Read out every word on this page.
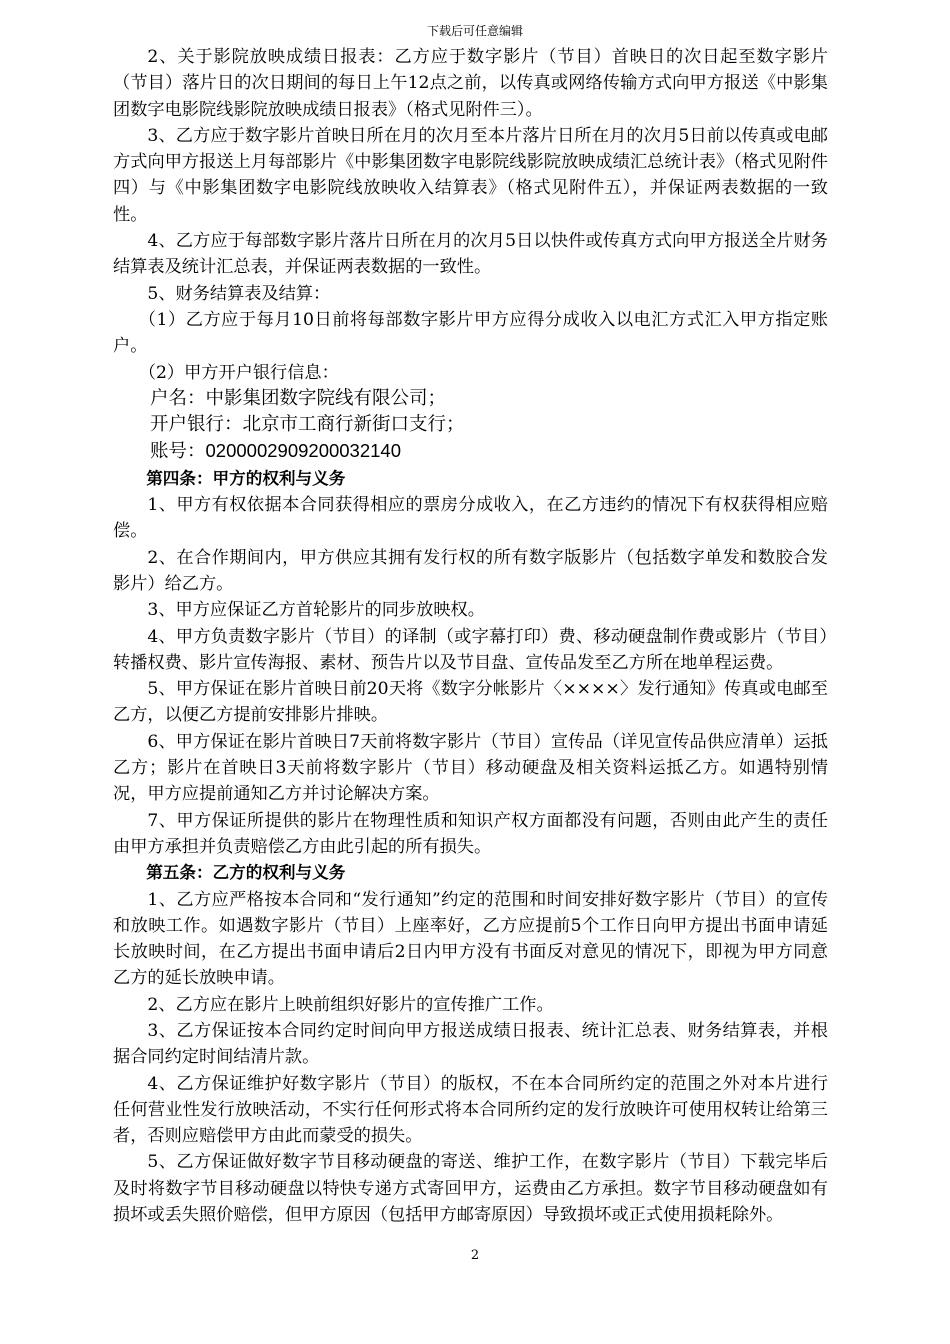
下载后可任意编辑

2、关于影院放映成绩日报表：乙方应于数字影片（节目）首映日的次日起至数字影片（节目）落片日的次日期间的每日上午12点之前，以传真或网络传输方式向甲方报送《中影集团数字电影院线影院放映成绩日报表》（格式见附件三）。

3、乙方应于数字影片首映日所在月的次月至本片落片日所在月的次月5日前以传真或电邮方式向甲方报送上月每部影片《中影集团数字电影院线影院放映成绩汇总统计表》（格式见附件四）与《中影集团数字电影院线放映收入结算表》（格式见附件五），并保证两表数据的一致性。

4、乙方应于每部数字影片落片日所在月的次月5日以快件或传真方式向甲方报送全片财务结算表及统计汇总表，并保证两表数据的一致性。

5、财务结算表及结算：

（1）乙方应于每月10日前将每部数字影片甲方应得分成收入以电汇方式汇入甲方指定账户。

（2）甲方开户银行信息：

户名：中影集团数字院线有限公司；

开户银行：北京市工商行新街口支行；

账号：0200002909200032140

第四条：甲方的权利与义务

1、甲方有权依据本合同获得相应的票房分成收入，在乙方违约的情况下有权获得相应赔偿。

2、在合作期间内，甲方供应其拥有发行权的所有数字版影片（包括数字单发和数胶合发影片）给乙方。

3、甲方应保证乙方首轮影片的同步放映权。

4、甲方负责数字影片（节目）的译制（或字幕打印）费、移动硬盘制作费或影片（节目）转播权费、影片宣传海报、素材、预告片以及节目盘、宣传品发至乙方所在地单程运费。

5、甲方保证在影片首映日前20天将《数字分帐影片〈××××〉发行通知》传真或电邮至乙方，以便乙方提前安排影片排映。

6、甲方保证在影片首映日7天前将数字影片（节目）宣传品（详见宣传品供应清单）运抵乙方；影片在首映日3天前将数字影片（节目）移动硬盘及相关资料运抵乙方。如遇特别情况，甲方应提前通知乙方并讨论解决方案。

7、甲方保证所提供的影片在物理性质和知识产权方面都没有问题，否则由此产生的责任由甲方承担并负责赔偿乙方由此引起的所有损失。

第五条：乙方的权利与义务

1、乙方应严格按本合同和“发行通知”约定的范围和时间安排好数字影片（节目）的宣传和放映工作。如遇数字影片（节目）上座率好，乙方应提前5个工作日向甲方提出书面申请延长放映时间，在乙方提出书面申请后2日内甲方没有书面反对意见的情况下，即视为甲方同意乙方的延长放映申请。

2、乙方应在影片上映前组织好影片的宣传推广工作。

3、乙方保证按本合同约定时间向甲方报送成绩日报表、统计汇总表、财务结算表，并根据合同约定时间结清片款。

4、乙方保证维护好数字影片（节目）的版权，不在本合同所约定的范围之外对本片进行任何营业性发行放映活动，不实行任何形式将本合同所约定的发行放映许可使用权转让给第三者，否则应赔偿甲方由此而蒙受的损失。

5、乙方保证做好数字节目移动硬盘的寄送、维护工作，在数字影片（节目）下载完毕后及时将数字节目移动硬盘以特快专递方式寄回甲方，运费由乙方承担。数字节目移动硬盘如有损坏或丢失照价赔偿，但甲方原因（包括甲方邮寄原因）导致损坏或正式使用损耗除外。

2
